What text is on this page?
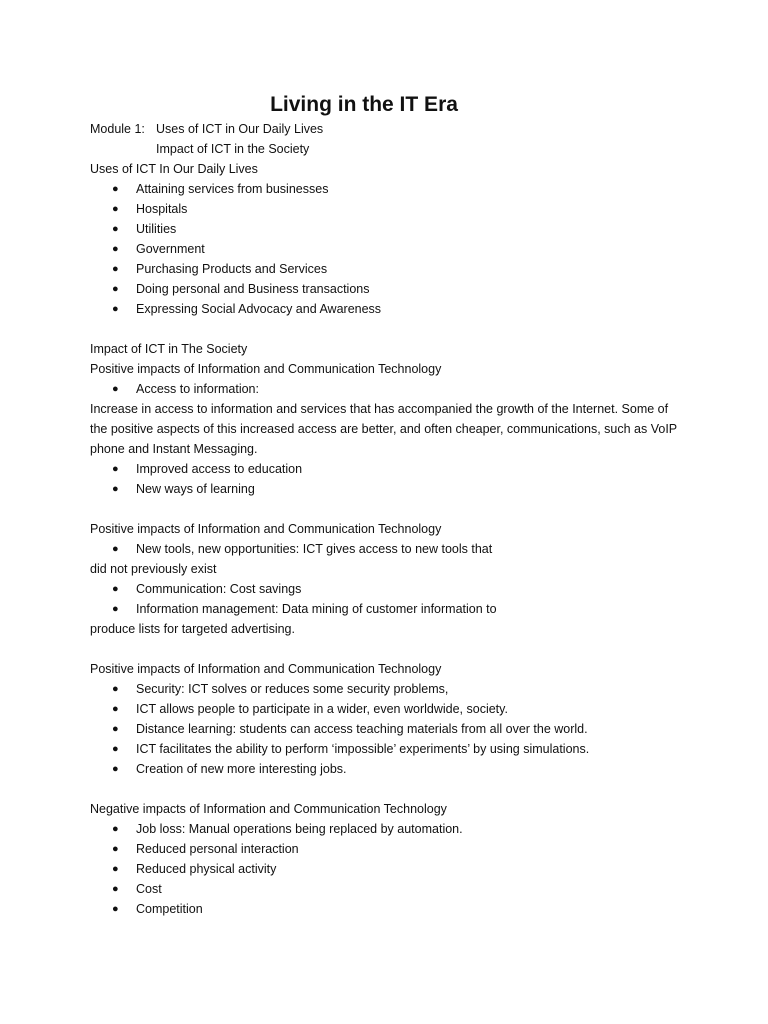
Living in the IT Era
Module 1: Uses of ICT in Our Daily Lives
Impact of ICT in the Society
Uses of ICT In Our Daily Lives
●	Attaining services from businesses
●	Hospitals
●	Utilities
●	Government
●	Purchasing Products and Services
●	Doing personal and Business transactions
●	Expressing Social Advocacy and Awareness
Impact of ICT in The Society
Positive impacts of Information and Communication Technology
●	Access to information:
Increase in access to information and services that has accompanied the growth of the Internet. Some of
the positive aspects of this increased access are better, and often cheaper, communications, such as VoIP
phone and Instant Messaging.
●	Improved access to education
●	New ways of learning
Positive impacts of Information and Communication Technology
●	New tools, new opportunities: ICT gives access to new tools that
did not previously exist
●	Communication: Cost savings
●	Information management: Data mining of customer information to
produce lists for targeted advertising.
Positive impacts of Information and Communication Technology
●	Security: ICT solves or reduces some security problems,
●	ICT allows people to participate in a wider, even worldwide, society.
●	Distance learning: students can access teaching materials from all over the world.
●	ICT facilitates the ability to perform ‘impossible’ experiments’ by using simulations.
●	Creation of new more interesting jobs.
Negative impacts of Information and Communication Technology
●	Job loss: Manual operations being replaced by automation.
●	Reduced personal interaction
●	Reduced physical activity
●	Cost
●	Competition
